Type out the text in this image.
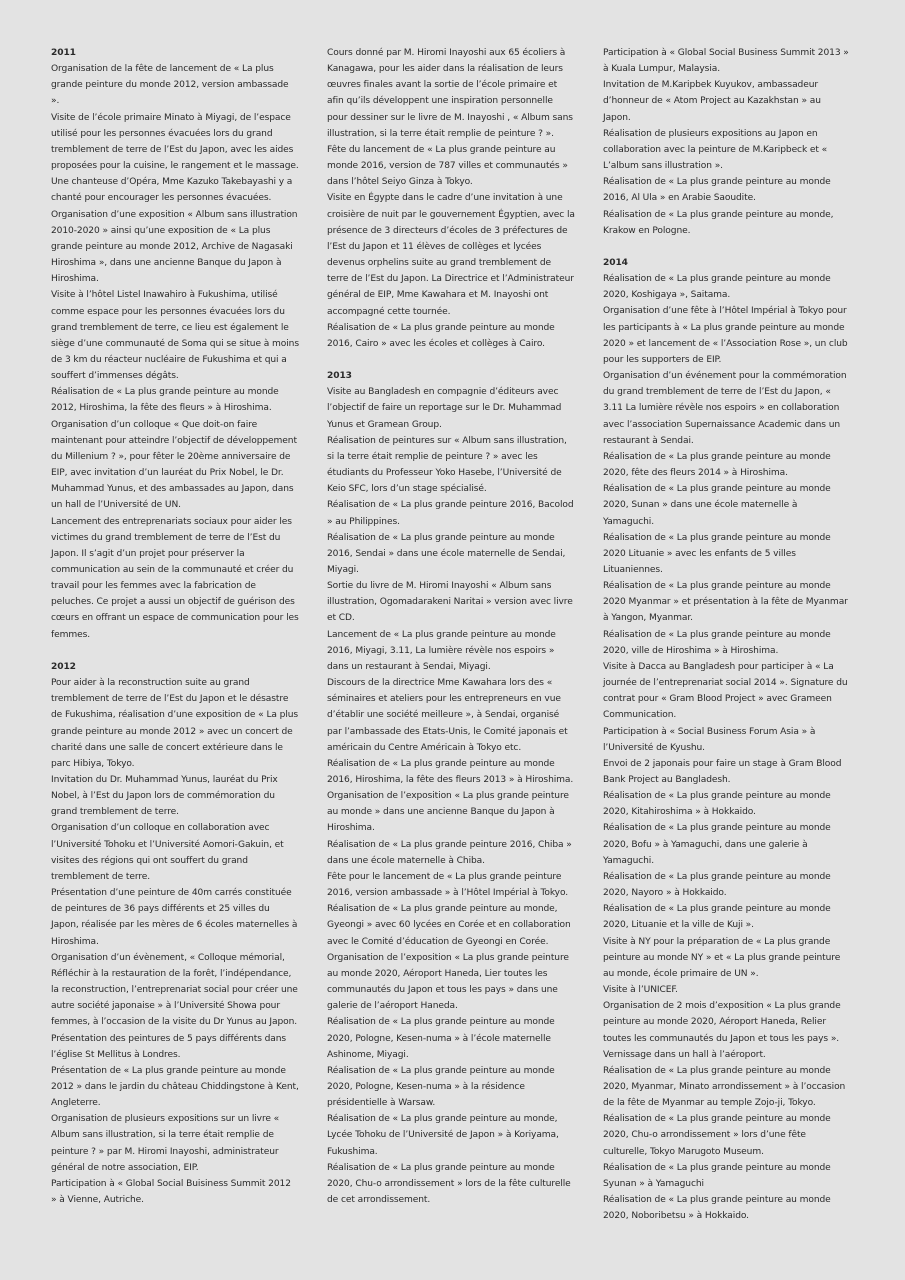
2011

Organisation de la fête de lancement de « La plus grande peinture du monde 2012, version ambassade ».

Visite de l’école primaire Minato à Miyagi, de l’espace utilisé pour les personnes évacuées lors du grand tremblement de terre de l’Est du Japon, avec les aides proposées pour la cuisine, le rangement et le massage. Une chanteuse d’Opéra, Mme Kazuko Takebayashi y a chanté pour encourager les personnes évacuées.

Organisation d’une exposition « Album sans illustration 2010-2020 » ainsi qu’une exposition de « La plus grande peinture au monde 2012, Archive de Nagasaki Hiroshima », dans une ancienne Banque du Japon à Hiroshima.

Visite à l’hôtel Listel Inawahiro à Fukushima, utilisé comme espace pour les personnes évacuées lors du grand tremblement de terre, ce lieu est également le siège d’une communauté de Soma qui se situe à moins de 3 km du réacteur nucléaire de Fukushima et qui a souffert d’immenses dégâts.

Réalisation de « La plus grande peinture au monde 2012, Hiroshima, la fête des fleurs » à Hiroshima.

Organisation d’un colloque « Que doit-on faire maintenant pour atteindre l’objectif de développement du Millenium ? », pour fêter le 20ème anniversaire de EIP, avec invitation d’un lauréat du Prix Nobel, le Dr. Muhammad Yunus, et des ambassades au Japon, dans un hall de l’Université de UN.

Lancement des entreprenariats sociaux pour aider les victimes du grand tremblement de terre de l’Est du Japon. Il s’agit d’un projet pour préserver la communication au sein de la communauté et créer du travail pour les femmes avec la fabrication de peluches. Ce projet a aussi un objectif de guérison des cœurs en offrant un espace de communication pour les femmes.

2012

Pour aider à la reconstruction suite au grand tremblement de terre de l’Est du Japon et le désastre de Fukushima, réalisation d’une exposition de « La plus grande peinture au monde 2012 » avec un concert de charité dans une salle de concert extérieure dans le parc Hibiya, Tokyo.

Invitation du Dr. Muhammad Yunus, lauréat du Prix Nobel, à l’Est du Japon lors de commémoration du grand tremblement de terre.

Organisation d’un colloque en collaboration avec l’Université Tohoku et l’Université Aomori-Gakuin, et visites des régions qui ont souffert du grand tremblement de terre.

Présentation d’une peinture de 40m carrés constituée de peintures de 36 pays différents et 25 villes du Japon, réalisée par les mères de 6 écoles maternelles à Hiroshima.

Organisation d’un évènement, « Colloque mémorial, Réfléchir à la restauration de la forêt, l’indépendance, la reconstruction, l’entreprenariat social pour créer une autre société japonaise » à l’Université Showa pour femmes, à l’occasion de la visite du Dr Yunus au Japon.

Présentation des peintures de 5 pays différents dans l’église St Mellitus à Londres.

Présentation de « La plus grande peinture au monde 2012 » dans le jardin du château Chiddingstone à Kent, Angleterre.

Organisation de plusieurs expositions sur un livre « Album sans illustration, si la terre était remplie de peinture ? » par M. Hiromi Inayoshi, administrateur général de notre association, EIP.

Participation à « Global Social Buisiness Summit 2012 » à Vienne, Autriche.

Cours donné par M. Hiromi Inayoshi aux 65 écoliers à Kanagawa, pour les aider dans la réalisation de leurs œuvres finales avant la sortie de l’école primaire et afin qu’ils développent une inspiration personnelle pour dessiner sur le livre de M. Inayoshi , « Album sans illustration, si la terre était remplie de peinture ? ».

Fête du lancement de « La plus grande peinture au monde 2016, version de 787 villes et communautés » dans l’hôtel Seiyo Ginza à Tokyo.

Visite en Égypte dans le cadre d’une invitation à une croisière de nuit par le gouvernement Égyptien, avec la présence de 3 directeurs d’écoles de 3 préfectures de l’Est du Japon et 11 élèves de collèges et lycées devenus orphelins suite au grand tremblement de terre de l’Est du Japon. La Directrice et l’Administrateur général de EIP, Mme Kawahara et M. Inayoshi ont accompagné cette tournée.

Réalisation de « La plus grande peinture au monde 2016, Cairo » avec les écoles et collèges à Cairo.

2013

Visite au Bangladesh en compagnie d’éditeurs avec l’objectif de faire un reportage sur le Dr. Muhammad Yunus et Gramean Group.

Réalisation de peintures sur « Album sans illustration, si la terre était remplie de peinture ? » avec les étudiants du Professeur Yoko Hasebe, l’Université de Keio SFC, lors d’un stage spécialisé.

Réalisation de « La plus grande peinture 2016, Bacolod » au Philippines.

Réalisation de « La plus grande peinture au monde 2016, Sendai » dans une école maternelle de Sendai, Miyagi.

Sortie du livre de M. Hiromi Inayoshi « Album sans illustration, Ogomadarakeni Naritai » version avec livre et CD.

Lancement de « La plus grande peinture au monde 2016, Miyagi, 3.11, La lumière révèle nos espoirs » dans un restaurant à Sendai, Miyagi.

Discours de la directrice Mme Kawahara lors des « séminaires et ateliers pour les entrepreneurs en vue d’établir une société meilleure », à Sendai, organisé par l’ambassade des Etats-Unis, le Comité japonais et américain du Centre Américain à Tokyo etc.

Réalisation de « La plus grande peinture au monde 2016, Hiroshima, la fête des fleurs 2013 » à Hiroshima.

Organisation de l’exposition « La plus grande peinture au monde » dans une ancienne Banque du Japon à Hiroshima.

Réalisation de « La plus grande peinture 2016, Chiba » dans une école maternelle à Chiba.

Fête pour le lancement de « La plus grande peinture 2016, version ambassade » à l’Hôtel Impérial à Tokyo.

Réalisation de « La plus grande peinture au monde, Gyeongi » avec 60 lycées en Corée et en collaboration avec le Comité d’éducation de Gyeongi en Corée.

Organisation de l’exposition « La plus grande peinture au monde 2020, Aéroport Haneda, Lier toutes les communautés du Japon et tous les pays » dans une galerie de l’aéroport Haneda.

Réalisation de « La plus grande peinture au monde 2020, Pologne, Kesen-numa » à l’école maternelle Ashinome, Miyagi.

Réalisation de « La plus grande peinture au monde 2020, Pologne, Kesen-numa » à la résidence présidentielle à Warsaw.

Réalisation de « La plus grande peinture au monde, Lycée Tohoku de l’Université de Japon » à Koriyama, Fukushima.

Réalisation de « La plus grande peinture au monde 2020, Chu-o arrondissement » lors de la fête culturelle de cet arrondissement.

Participation à « Global Social Business Summit 2013 » à Kuala Lumpur, Malaysia.

Invitation de M.Karipbek Kuyukov, ambassadeur d’honneur de « Atom Project au Kazakhstan » au Japon.

Réalisation de plusieurs expositions au Japon en collaboration avec la peinture de M.Karipbeck et « L’album sans illustration ».

Réalisation de « La plus grande peinture au monde 2016, Al Ula » en Arabie Saoudite.

Réalisation de « La plus grande peinture au monde, Krakow en Pologne.

2014

Réalisation de « La plus grande peinture au monde 2020, Koshigaya », Saitama.

Organisation d’une fête à l’Hôtel Impérial à Tokyo pour les participants à « La plus grande peinture au monde 2020 » et lancement de « l’Association Rose », un club pour les supporters de EIP.

Organisation d’un événement pour la commémoration du grand tremblement de terre de l’Est du Japon, « 3.11 La lumière révèle nos espoirs » en collaboration avec l’association Supernaissance Academic dans un restaurant à Sendai.

Réalisation de « La plus grande peinture au monde 2020, fête des fleurs 2014 » à Hiroshima.

Réalisation de « La plus grande peinture au monde 2020, Sunan » dans une école maternelle à Yamaguchi.

Réalisation de « La plus grande peinture au monde 2020 Lituanie » avec les enfants de 5 villes Lituaniennes.

Réalisation de « La plus grande peinture au monde 2020 Myanmar » et présentation à la fête de Myanmar à Yangon, Myanmar.

Réalisation de « La plus grande peinture au monde 2020, ville de Hiroshima » à Hiroshima.

Visite à Dacca au Bangladesh pour participer à « La journée de l’entreprenariat social 2014 ». Signature du contrat pour « Gram Blood Project » avec Grameen Communication.

Participation à « Social Business Forum Asia » à l’Université de Kyushu.

Envoi de 2 japonais pour faire un stage à Gram Blood Bank Project au Bangladesh.

Réalisation de « La plus grande peinture au monde 2020, Kitahiroshima » à Hokkaido.

Réalisation de « La plus grande peinture au monde 2020, Bofu » à Yamaguchi, dans une galerie à Yamaguchi.

Réalisation de « La plus grande peinture au monde 2020, Nayoro » à Hokkaido.

Réalisation de « La plus grande peinture au monde 2020, Lituanie et la ville de Kuji ».

Visite à NY pour la préparation de « La plus grande peinture au monde NY » et « La plus grande peinture au monde, école primaire de UN ».

Visite à l’UNICEF.

Organisation de 2 mois d’exposition « La plus grande peinture au monde 2020, Aéroport Haneda, Relier toutes les communautés du Japon et tous les pays ». Vernissage dans un hall à l’aéroport.

Réalisation de « La plus grande peinture au monde 2020, Myanmar, Minato arrondissement » à l’occasion de la fête de Myanmar au temple Zojo-ji, Tokyo.

Réalisation de « La plus grande peinture au monde 2020, Chu-o arrondissement » lors d’une fête culturelle, Tokyo Marugoto Museum.

Réalisation de « La plus grande peinture au monde Syunan » à Yamaguchi

Réalisation de « La plus grande peinture au monde 2020, Noboribetsu » à Hokkaido.
